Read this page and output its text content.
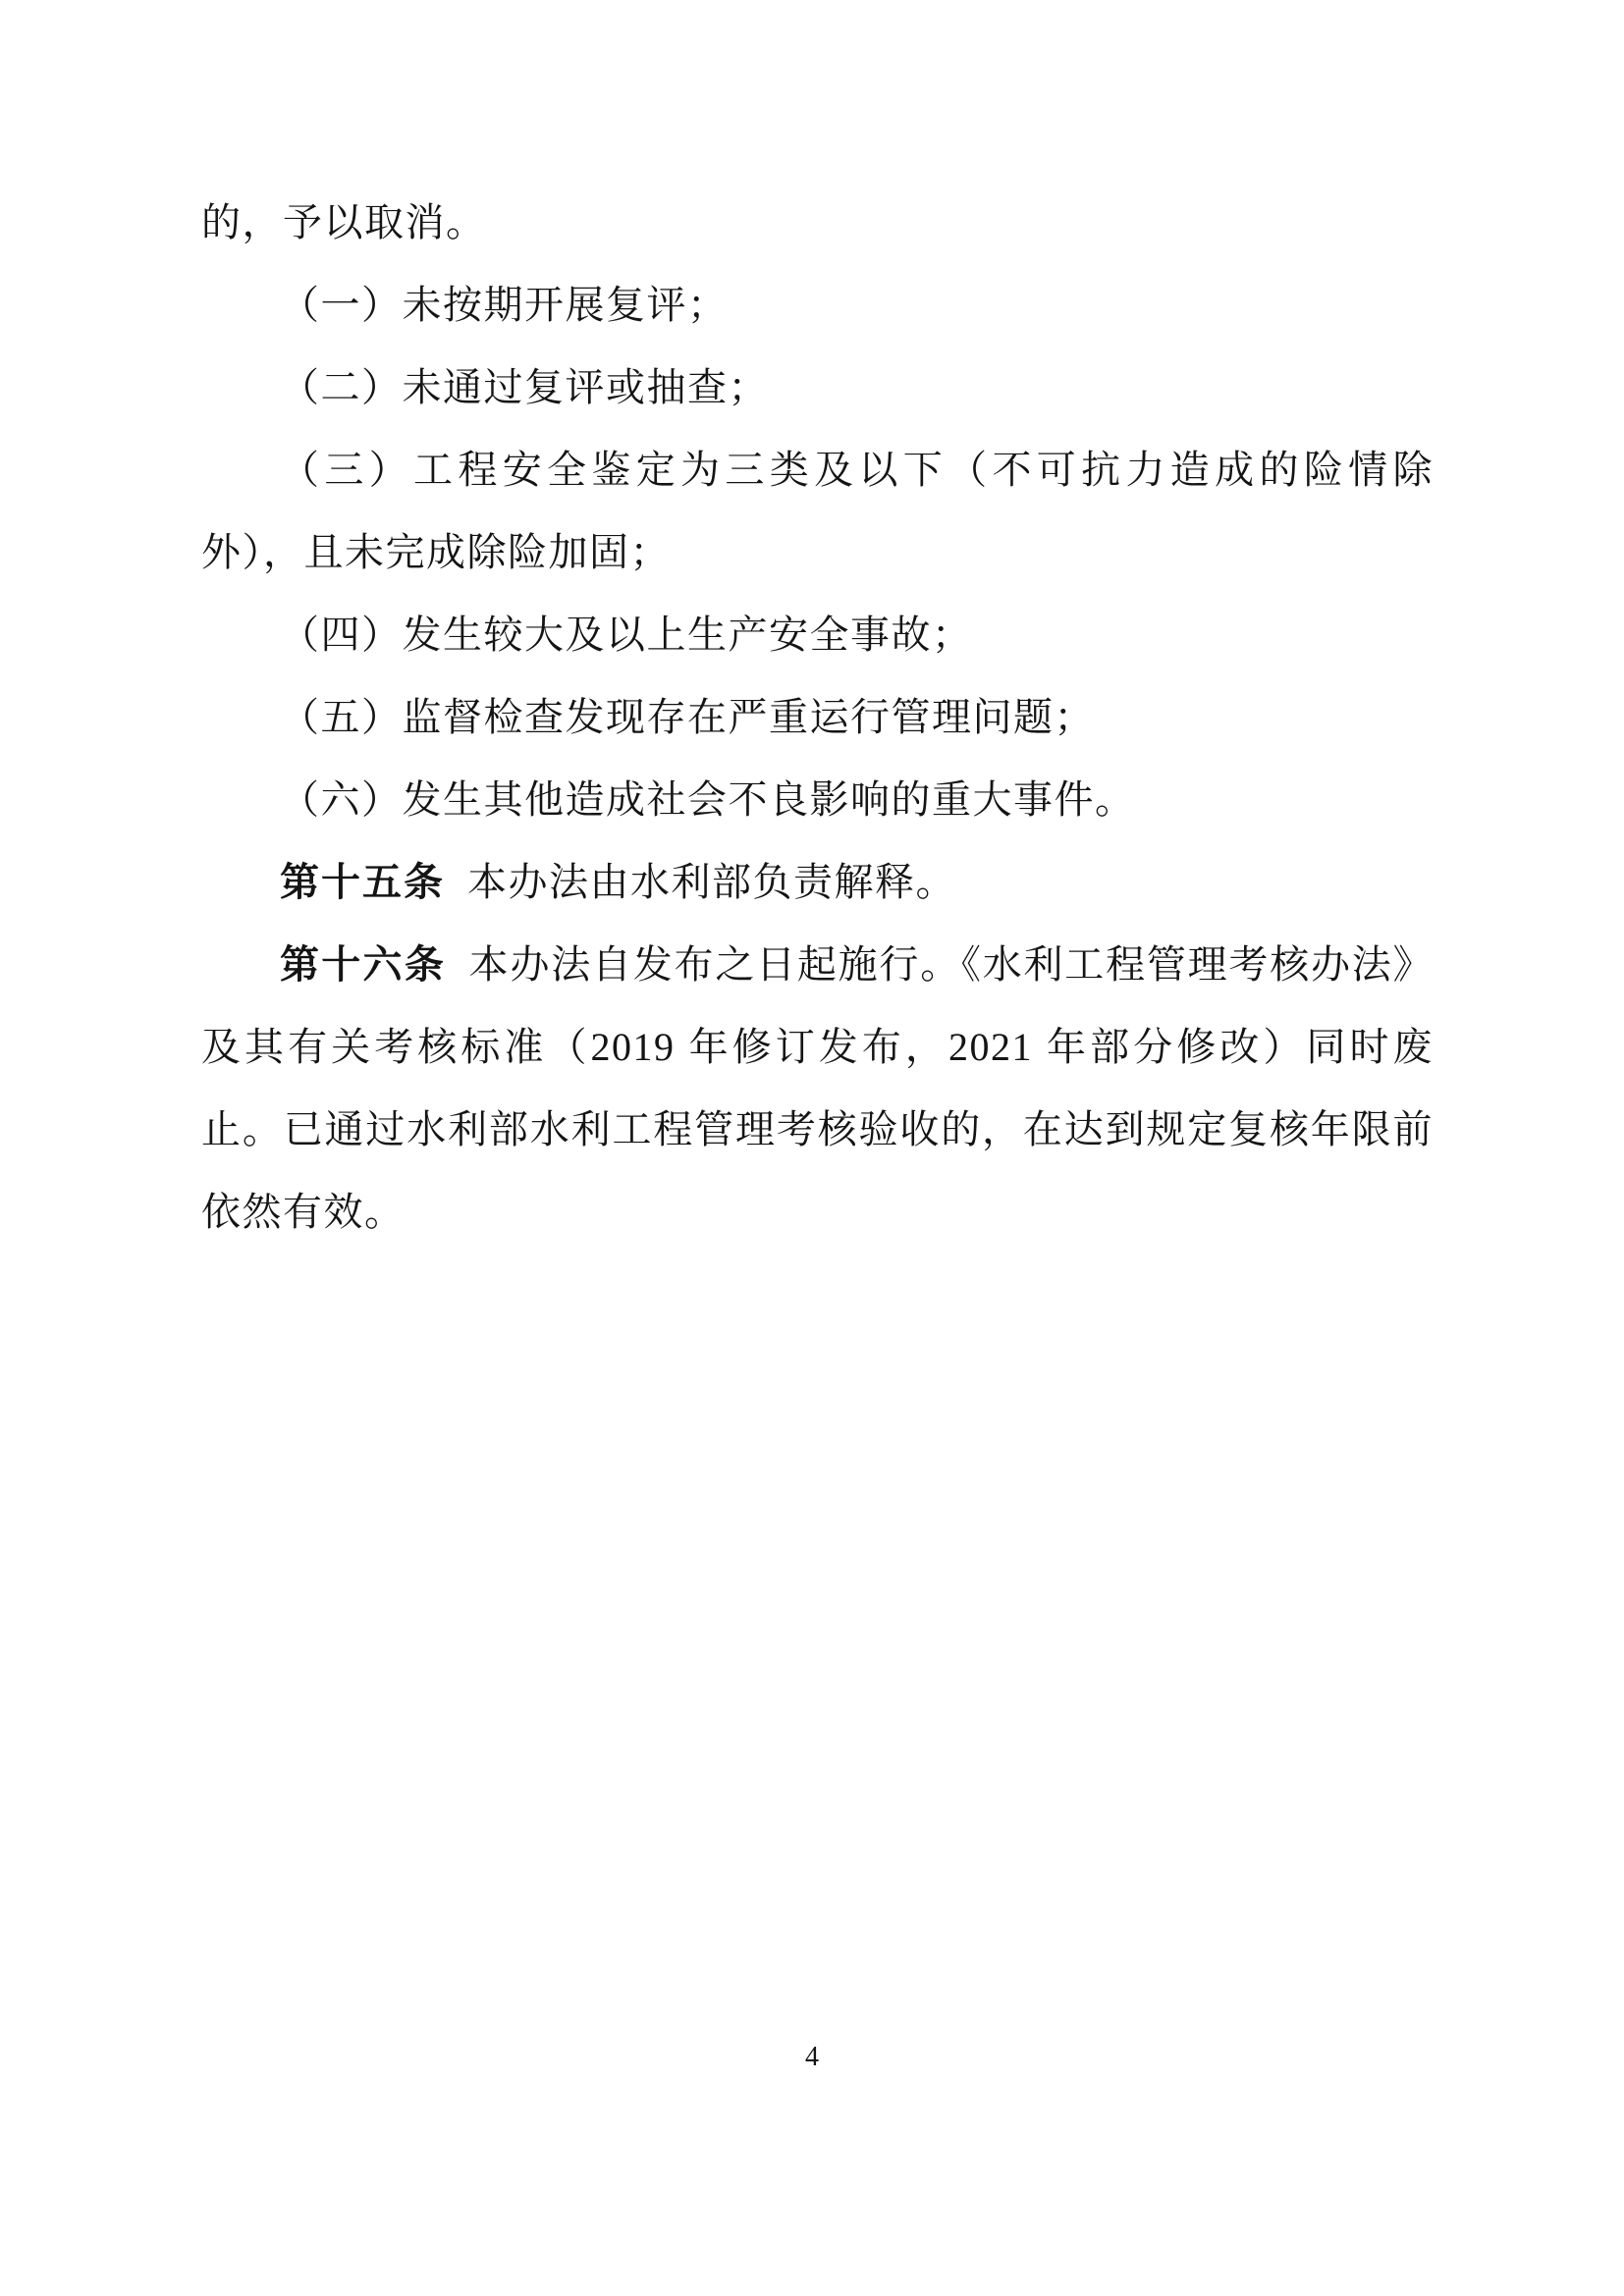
的，予以取消。

（一）未按期开展复评；

（二）未通过复评或抽查；

（三）工程安全鉴定为三类及以下（不可抗力造成的险情除外），且未完成除险加固；

（四）发生较大及以上生产安全事故；

（五）监督检查发现存在严重运行管理问题；

（六）发生其他造成社会不良影响的重大事件。

第十五条 本办法由水利部负责解释。

第十六条 本办法自发布之日起施行。《水利工程管理考核办法》及其有关考核标准（2019 年修订发布，2021 年部分修改）同时废止。已通过水利部水利工程管理考核验收的，在达到规定复核年限前依然有效。

4
